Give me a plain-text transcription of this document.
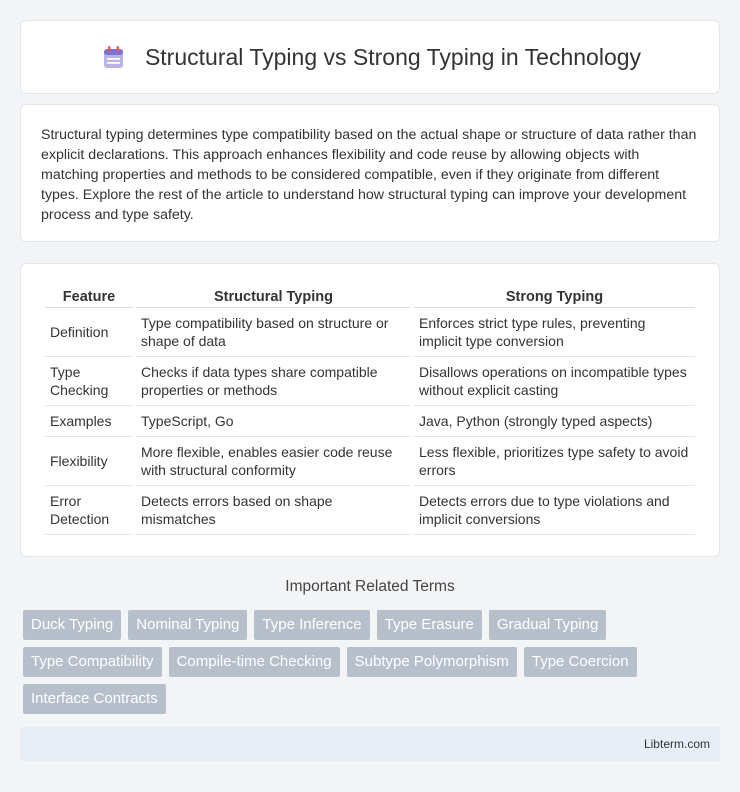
Structural Typing vs Strong Typing in Technology

Structural typing determines type compatibility based on the actual shape or structure of data rather than explicit declarations. This approach enhances flexibility and code reuse by allowing objects with matching properties and methods to be considered compatible, even if they originate from different types. Explore the rest of the article to understand how structural typing can improve your development process and type safety.

Feature	Structural Typing	Strong Typing
Definition	Type compatibility based on structure or shape of data	Enforces strict type rules, preventing implicit type conversion
Type Checking	Checks if data types share compatible properties or methods	Disallows operations on incompatible types without explicit casting
Examples	TypeScript, Go	Java, Python (strongly typed aspects)
Flexibility	More flexible, enables easier code reuse with structural conformity	Less flexible, prioritizes type safety to avoid errors
Error Detection	Detects errors based on shape mismatches	Detects errors due to type violations and implicit conversions
Important Related Terms
Duck Typing	Nominal Typing	Type Inference	Type Erasure	Gradual Typing
Type Compatibility	Compile-time Checking	Subtype Polymorphism	Type Coercion
Interface Contracts
Libterm.com
